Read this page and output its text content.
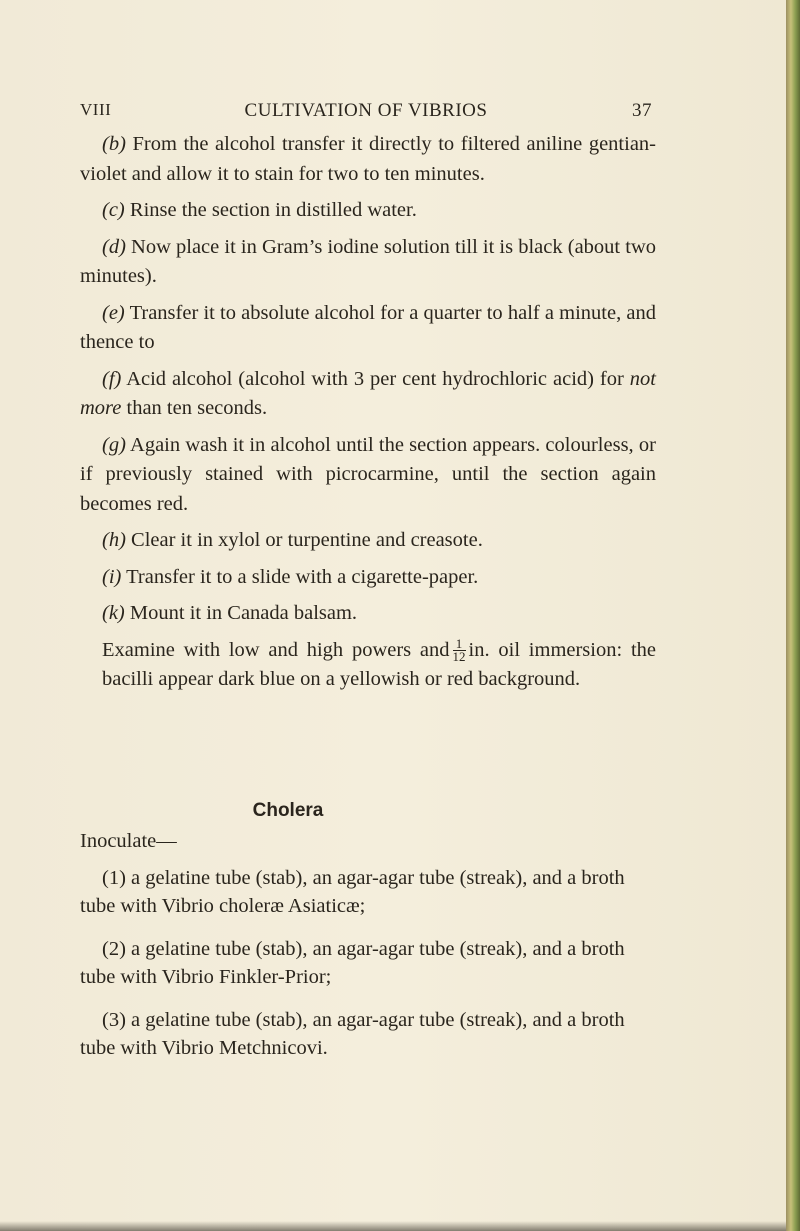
VIII	CULTIVATION OF VIBRIOS	37

(b) From the alcohol transfer it directly to filtered aniline gentian-violet and allow it to stain for two to ten minutes.

(c) Rinse the section in distilled water.

(d) Now place it in Gram’s iodine solution till it is black (about two minutes).

(e) Transfer it to absolute alcohol for a quarter to half a minute, and thence to

(f) Acid alcohol (alcohol with 3 per cent hydrochloric acid) for not more than ten seconds.

(g) Again wash it in alcohol until the section appears. colourless, or if previously stained with picrocarmine, until the section again becomes red.

(h) Clear it in xylol or turpentine and creasote.

(i) Transfer it to a slide with a cigarette-paper.

(k) Mount it in Canada balsam.

Examine with low and high powers and $\frac{1}{12}$ in. oil immersion: the bacilli appear dark blue on a yellowish or red background.

Cholera
Inoculate—
(1) a gelatine tube (stab), an agar-agar tube (streak), and a broth tube with Vibrio choleræ Asiaticæ;
(2) a gelatine tube (stab), an agar-agar tube (streak), and a broth tube with Vibrio Finkler-Prior;
(3) a gelatine tube (stab), an agar-agar tube (streak), and a broth tube with Vibrio Metchnicovi.
